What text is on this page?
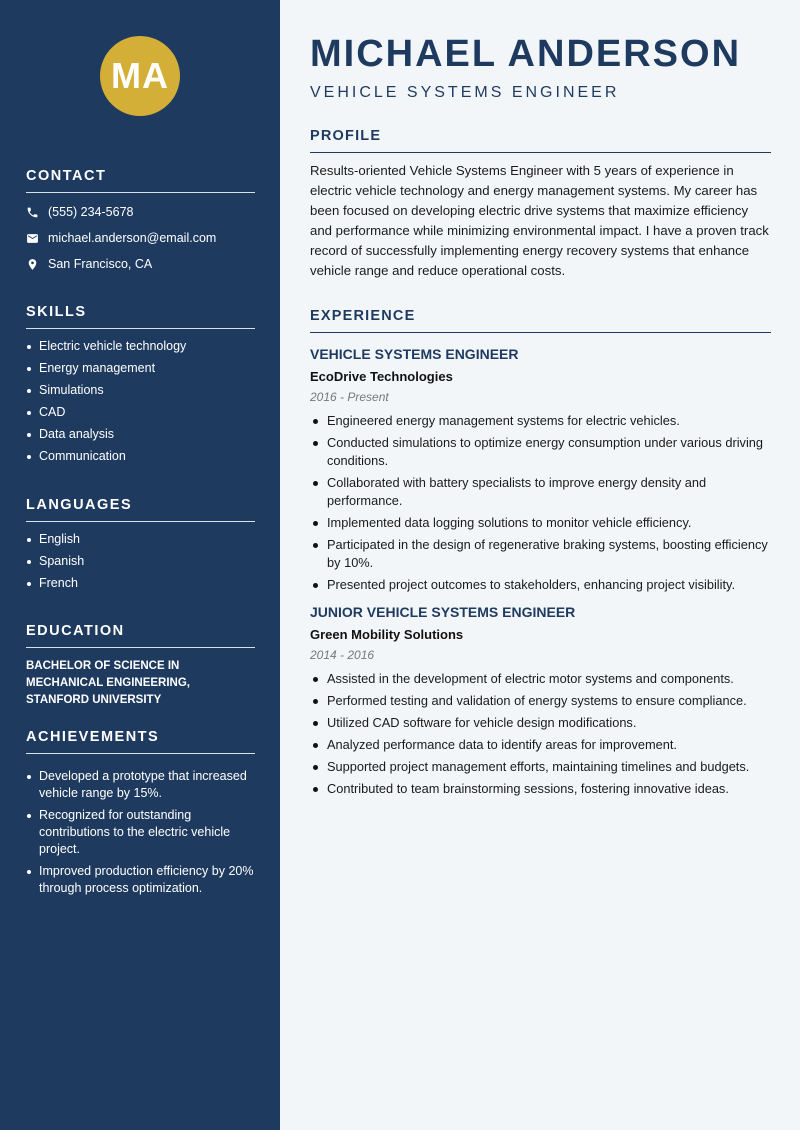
MA
CONTACT
(555) 234-5678
michael.anderson@email.com
San Francisco, CA
SKILLS
Electric vehicle technology
Energy management
Simulations
CAD
Data analysis
Communication
LANGUAGES
English
Spanish
French
EDUCATION
BACHELOR OF SCIENCE IN MECHANICAL ENGINEERING, STANFORD UNIVERSITY
ACHIEVEMENTS
Developed a prototype that increased vehicle range by 15%.
Recognized for outstanding contributions to the electric vehicle project.
Improved production efficiency by 20% through process optimization.
MICHAEL ANDERSON
VEHICLE SYSTEMS ENGINEER
PROFILE

Results-oriented Vehicle Systems Engineer with 5 years of experience in electric vehicle technology and energy management systems. My career has been focused on developing electric drive systems that maximize efficiency and performance while minimizing environmental impact. I have a proven track record of successfully implementing energy recovery systems that enhance vehicle range and reduce operational costs.

EXPERIENCE
VEHICLE SYSTEMS ENGINEER
EcoDrive Technologies
2016 - Present
Engineered energy management systems for electric vehicles.
Conducted simulations to optimize energy consumption under various driving conditions.
Collaborated with battery specialists to improve energy density and performance.
Implemented data logging solutions to monitor vehicle efficiency.
Participated in the design of regenerative braking systems, boosting efficiency by 10%.
Presented project outcomes to stakeholders, enhancing project visibility.
JUNIOR VEHICLE SYSTEMS ENGINEER
Green Mobility Solutions
2014 - 2016
Assisted in the development of electric motor systems and components.
Performed testing and validation of energy systems to ensure compliance.
Utilized CAD software for vehicle design modifications.
Analyzed performance data to identify areas for improvement.
Supported project management efforts, maintaining timelines and budgets.
Contributed to team brainstorming sessions, fostering innovative ideas.
